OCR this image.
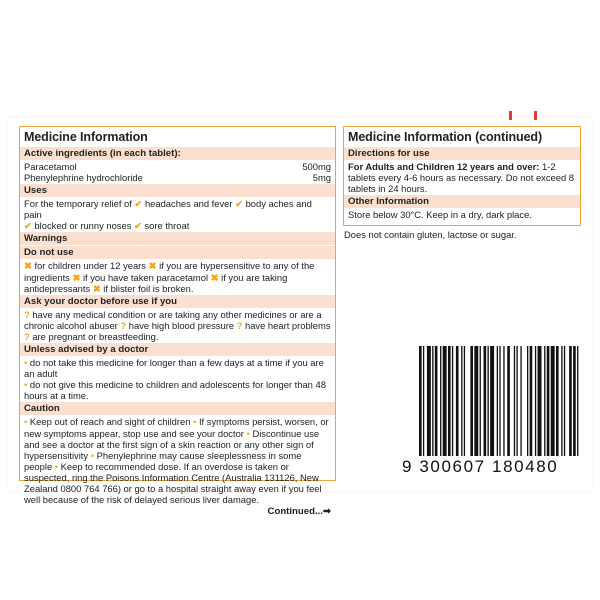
Medicine Information
Active ingredients (in each tablet):
Paracetamol	500mg
Phenylephrine hydrochloride	5mg
Uses
For the temporary relief of ✔ headaches and fever ✔ body aches and pain
✔ blocked or runny noses ✔ sore throat
Warnings
Do not use
✖ for children under 12 years ✖ if you are hypersensitive to any of the ingredients ✖ if you have taken paracetamol ✖ if you are taking antidepressants ✖ if blister foil is broken.
Ask your doctor before use if you
? have any medical condition or are taking any other medicines or are a chronic alcohol abuser ? have high blood pressure ? have heart problems
? are pregnant or breastfeeding.
Unless advised by a doctor
• do not take this medicine for longer than a few days at a time if you are an adult
• do not give this medicine to children and adolescents for longer than 48 hours at a time.
Caution
• Keep out of reach and sight of children • If symptoms persist, worsen, or new symptoms appear, stop use and see your doctor • Discontinue use and see a doctor at the first sign of a skin reaction or any other sign of hypersensitivity • Phenylephrine may cause sleeplessness in some people • Keep to recommended dose. If an overdose is taken or suspected, ring the Poisons Information Centre (Australia 131126, New Zealand 0800 764 766) or go to a hospital straight away even if you feel well because of the risk of delayed serious liver damage.
Continued...➡
Medicine Information (continued)
Directions for use
For Adults and Children 12 years and over: 1-2 tablets every 4-6 hours as necessary. Do not exceed 8 tablets in 24 hours.
Other Information
Store below 30°C. Keep in a dry, dark place.
Does not contain gluten, lactose or sugar.
9 300607 180480
